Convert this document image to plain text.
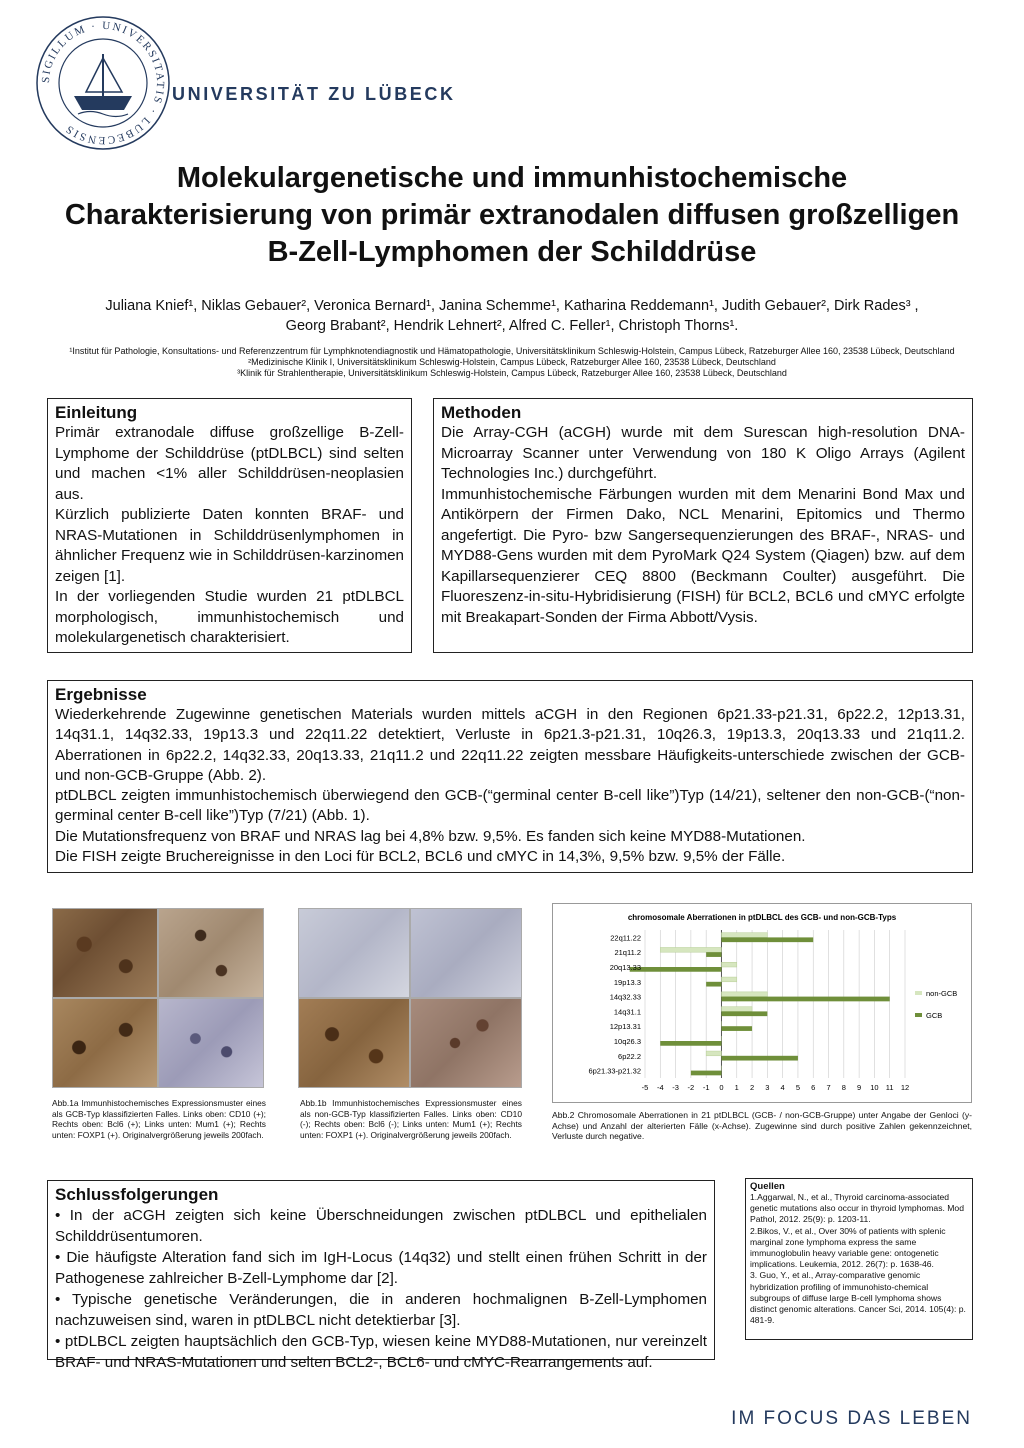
SIGILLUM · UNIVERSITATIS · LUBECENSIS
UNIVERSITÄT ZU LÜBECK
Molekulargenetische und immunhistochemische
Charakterisierung von primär extranodalen diffusen großzelligen
B-Zell-Lymphomen der Schilddrüse
Juliana Knief¹, Niklas Gebauer², Veronica Bernard¹, Janina Schemme¹, Katharina Reddemann¹, Judith Gebauer², Dirk Rades³ ,
Georg Brabant², Hendrik Lehnert², Alfred C. Feller¹, Christoph Thorns¹.
¹Institut für Pathologie, Konsultations- und Referenzzentrum für Lymphknotendiagnostik und Hämatopathologie, Universitätsklinikum Schleswig-Holstein, Campus Lübeck, Ratzeburger Allee 160, 23538 Lübeck, Deutschland
²Medizinische Klinik I, Universitätsklinikum Schleswig-Holstein, Campus Lübeck, Ratzeburger Allee 160, 23538 Lübeck, Deutschland
³Klinik für Strahlentherapie, Universitätsklinikum Schleswig-Holstein, Campus Lübeck, Ratzeburger Allee 160, 23538 Lübeck, Deutschland
Einleitung

Primär extranodale diffuse großzellige B-Zell-Lymphome der Schilddrüse (ptDLBCL) sind selten und machen <1% aller Schilddrüsen-neoplasien aus.

Kürzlich publizierte Daten konnten BRAF- und NRAS-Mutationen in Schilddrüsenlymphomen in ähnlicher Frequenz wie in Schilddrüsen-karzinomen zeigen [1].

In der vorliegenden Studie wurden 21 ptDLBCL morphologisch, immunhistochemisch und molekulargenetisch charakterisiert.

Methoden

Die Array-CGH (aCGH) wurde mit dem Surescan high-resolution DNA-Microarray Scanner unter Verwendung von 180 K Oligo Arrays (Agilent Technologies Inc.) durchgeführt.

Immunhistochemische Färbungen wurden mit dem Menarini Bond Max und Antikörpern der Firmen Dako, NCL Menarini, Epitomics und Thermo angefertigt. Die Pyro- bzw Sangersequenzierungen des BRAF-, NRAS- und MYD88-Gens wurden mit dem PyroMark Q24 System (Qiagen) bzw. auf dem Kapillarsequenzierer CEQ 8800 (Beckmann Coulter) ausgeführt. Die Fluoreszenz-in-situ-Hybridisierung (FISH) für BCL2, BCL6 und cMYC erfolgte mit Breakapart-Sonden der Firma Abbott/Vysis.

Ergebnisse

Wiederkehrende Zugewinne genetischen Materials wurden mittels aCGH in den Regionen 6p21.33-p21.31, 6p22.2, 12p13.31, 14q31.1, 14q32.33, 19p13.3 und 22q11.22 detektiert, Verluste in 6p21.3-p21.31, 10q26.3, 19p13.3, 20q13.33 und 21q11.2. Aberrationen in 6p22.2, 14q32.33, 20q13.33, 21q11.2 und 22q11.22 zeigten messbare Häufigkeits-unterschiede zwischen der GCB- und non-GCB-Gruppe (Abb. 2).

ptDLBCL zeigten immunhistochemisch überwiegend den GCB-(“germinal center B-cell like”)Typ (14/21), seltener den non-GCB-(“non-germinal center B-cell like”)Typ (7/21) (Abb. 1).

Die Mutationsfrequenz von BRAF und NRAS lag bei 4,8% bzw. 9,5%. Es fanden sich keine MYD88-Mutationen.

Die FISH zeigte Bruchereignisse in den Loci für BCL2, BCL6 und cMYC in 14,3%, 9,5% bzw. 9,5% der Fälle.

Abb.1a Immunhistochemisches Expressionsmuster eines als GCB-Typ klassifizierten Falles. Links oben: CD10 (+); Rechts oben: Bcl6 (+); Links unten: Mum1 (+); Rechts unten: FOXP1 (+). Originalvergrößerung jeweils 200fach.
Abb.1b Immunhistochemisches Expressionsmuster eines als non-GCB-Typ klassifizierten Falles. Links oben: CD10 (-); Rechts oben: Bcl6 (-); Links unten: Mum1 (+); Rechts unten: FOXP1 (+). Originalvergrößerung jeweils 200fach.
chromosomale Aberrationen in ptDLBCL des GCB- und non-GCB-Typs
22q11.22
21q11.2
20q13.33
19p13.3
14q32.33
14q31.1
12p13.31
10q26.3
6p22.2
6p21.33-p21.32
-5 -4 -3 -2 -1 0 1 2 3 4 5 6 7 8 9 10 11 12
non-GCB
GCB
Abb.2 Chromosomale Aberrationen in 21 ptDLBCL (GCB- / non-GCB-Gruppe) unter Angabe der Genloci (y-Achse) und Anzahl der alterierten Fälle (x-Achse). Zugewinne sind durch positive Zahlen gekennzeichnet, Verluste durch negative.
Schlussfolgerungen

• In der aCGH zeigten sich keine Überschneidungen zwischen ptDLBCL und epithelialen Schilddrüsentumoren.

• Die häufigste Alteration fand sich im IgH-Locus (14q32) und stellt einen frühen Schritt in der Pathogenese zahlreicher B-Zell-Lymphome dar [2].

• Typische genetische Veränderungen, die in anderen hochmalignen B-Zell-Lymphomen nachzuweisen sind, waren in ptDLBCL nicht detektierbar [3].

• ptDLBCL zeigten hauptsächlich den GCB-Typ, wiesen keine MYD88-Mutationen, nur vereinzelt BRAF- und NRAS-Mutationen und selten BCL2-, BCL6- und cMYC-Rearrangements auf.

Quellen

1.Aggarwal, N., et al., Thyroid carcinoma-associated genetic mutations also occur in thyroid lymphomas. Mod Pathol, 2012. 25(9): p. 1203-11.

2.Bikos, V., et al., Over 30% of patients with splenic marginal zone lymphoma express the same immunoglobulin heavy variable gene: ontogenetic implications. Leukemia, 2012. 26(7): p. 1638-46.

3. Guo, Y., et al., Array-comparative genomic hybridization profiling of immunohisto-chemical subgroups of diffuse large B-cell lymphoma shows distinct genomic alterations. Cancer Sci, 2014. 105(4): p. 481-9.

IM FOCUS DAS LEBEN
